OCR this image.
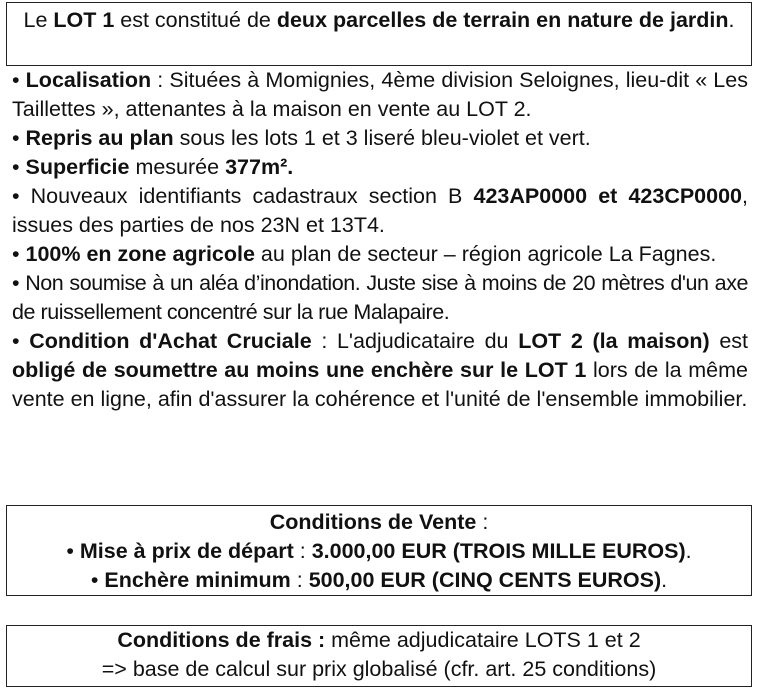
Le LOT 1 est constitué de deux parcelles de terrain en nature de jardin.

• Localisation : Situées à Momignies, 4ème division Seloignes, lieu-dit « Les Taillettes », attenantes à la maison en vente au LOT 2.

• Repris au plan sous les lots 1 et 3 liseré bleu-violet et vert.

• Superficie mesurée 377m².

• Nouveaux identifiants cadastraux section B 423AP0000 et 423CP0000, issues des parties de nos 23N et 13T4.

• 100% en zone agricole au plan de secteur – région agricole La Fagnes.

• Non soumise à un aléa d’inondation. Juste sise à moins de 20 mètres d'un axe de ruissellement concentré sur la rue Malapaire.

• Condition d'Achat Cruciale : L'adjudicataire du LOT 2 (la maison) est obligé de soumettre au moins une enchère sur le LOT 1 lors de la même vente en ligne, afin d'assurer la cohérence et l'unité de l'ensemble immobilier.

Conditions de Vente :
• Mise à prix de départ : 3.000,00 EUR (TROIS MILLE EUROS).
• Enchère minimum : 500,00 EUR (CINQ CENTS EUROS).
Conditions de frais : même adjudicataire LOTS 1 et 2
=> base de calcul sur prix globalisé (cfr. art. 25 conditions)
